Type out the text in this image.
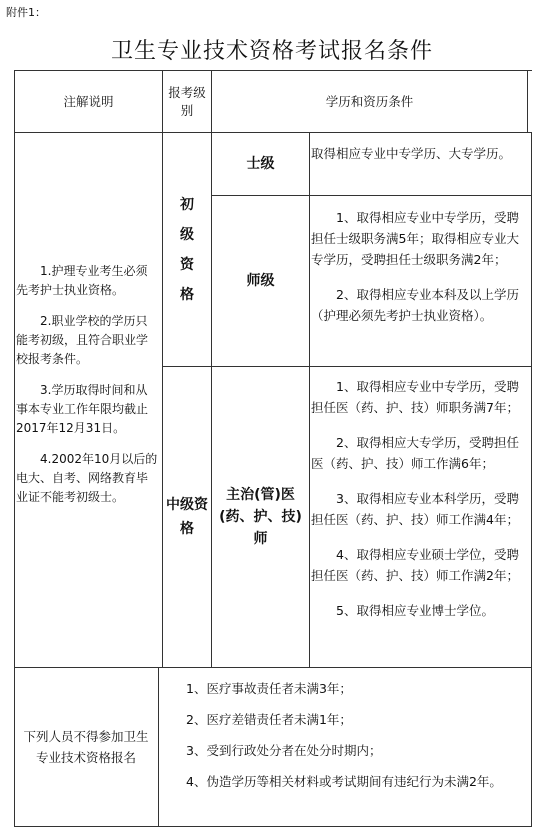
附件1：
卫生专业技术资格考试报名条件
注解说明
报考级
别
学历和资历条件

1.护理专业考生必须先考护士执业资格。

2.职业学校的学历只能考初级，且符合职业学校报考条件。

3.学历取得时间和从事本专业工作年限均截止2017年12月31日。

4.2002年10月以后的电大、自考、网络教育毕业证不能考初级士。

初
级
资
格
中级资
格
士级
师级
主治(管)医
(药、护、技)
师
取得相应专业中专学历、大专学历。

1、取得相应专业中专学历，受聘担任士级职务满5年；取得相应专业大专学历，受聘担任士级职务满2年；

2、取得相应专业本科及以上学历（护理必须先考护士执业资格）。

1、取得相应专业中专学历，受聘担任医（药、护、技）师职务满7年；

2、取得相应大专学历，受聘担任医（药、护、技）师工作满6年；

3、取得相应专业本科学历，受聘担任医（药、护、技）师工作满4年；

4、取得相应专业硕士学位，受聘担任医（药、护、技）师工作满2年；

5、取得相应专业博士学位。

下列人员不得参加卫生专业技术资格报名

1、医疗事故责任者未满3年；

2、医疗差错责任者未满1年；

3、受到行政处分者在处分时期内；

4、伪造学历等相关材料或考试期间有违纪行为未满2年。
